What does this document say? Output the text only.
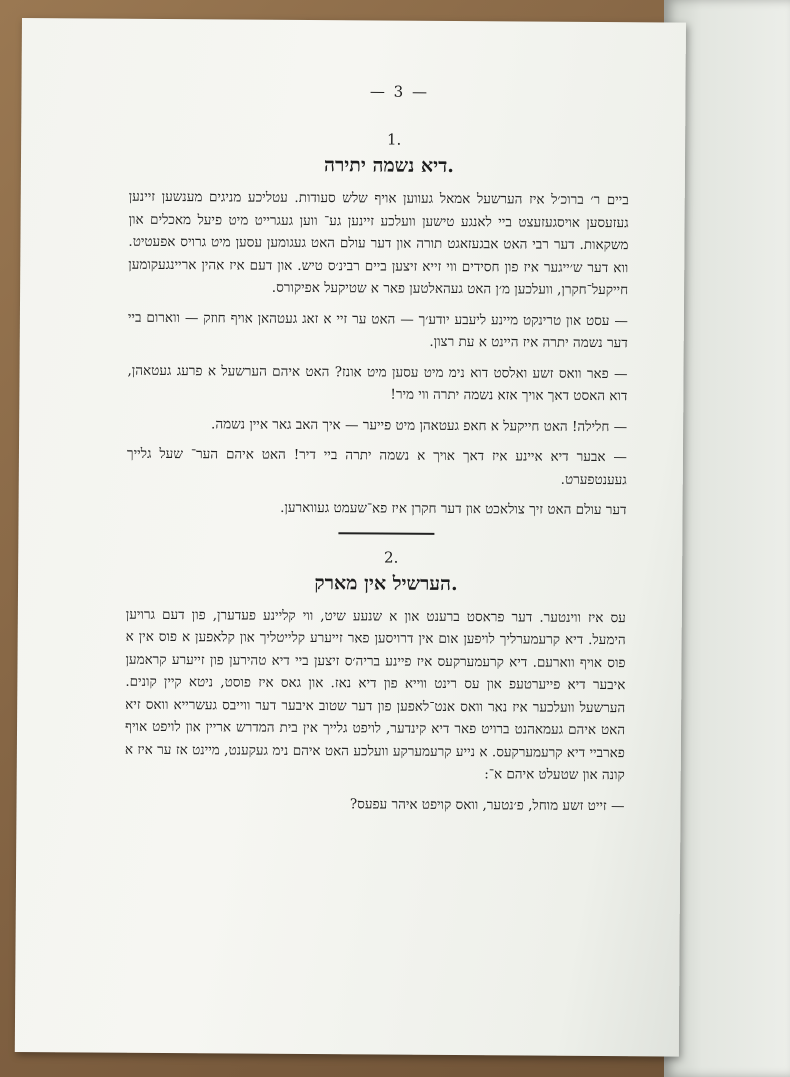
— 3 —
1.
דיא נשמה יתירה.

ביים ר׳ ברוכ׳ל איז הערשעל אמאל געווען אויף שלש סעודות. עטליכע מניגים מענשען זיינען געזעסען אויסגעזעצט ביי לאנגע טישען וועלכע זיינען גע־ ווען געגרייט מיט פיעל מאכלים און משקאות. דער רבי האט אבגעזאגט תורה און דער עולם האט געגומען עסען מיט גרויס אפעטיט. ווא דער ש׳ייגער איז פון חסידים ווי זייא זיצען ביים רבינ׳ס טיש. און דעם איז אהין אריינגעקומען חייקעל־חקרן, וועלכען מ׳ן האט געהאלטען פאר א שטיקעל אפיקורס.

— עסט און טרינקט מיינע ליעבע יודע׳ך — האט ער זיי א זאג געטהאן אויף חוזק — ווארום ביי דער נשמה יתרה איז היינט א עת רצון.

— פאר וואס זשע ואלסט דוא נימ מיט עסען מיט אונז? האט איהם הערשעל א פרעג געטאהן, דוא האסט דאך אויך אזא נשמה יתרה ווי מיר!

— חלילה! האט חייקעל א חאפ געטאהן מיט פייער — איך האב גאר איין נשמה.

— אבער דיא איינע איז דאך אויך א נשמה יתרה ביי דיר! האט איהם הער־ שעל גלייך געענטפערט.

דער עולם האט זיך צולאכט און דער חקרן איז פא־שעמט געווארען.

2.
הערשיל אין מארק.

עס איז ווינטער. דער פראסט ברענט און א שנעע שיט, ווי קליינע פעדערן, פון דעם גרויען הימעל. דיא קרעמערליך לויפען אום אין דרויסען פאר זייערע קלייטליך און קלאפען א פוס אין א פוס אויף ווארעם. דיא קרעמערקעס איז פיינע בריה׳ס זיצען ביי דיא טהירען פון זייערע קראמען איבער דיא פייערטעפ און עס רינט ווייא פון דיא נאז. און גאס איז פוסט, ניטא קיין קונים. הערשעל וועלכער איז נאר וואס אנט־לאפען פון דער שטוב איבער דער ווייבס געשרייא וואס זיא האט איהם געמאהנט ברויט פאר דיא קינדער, לויפט גלייך אין בית המדרש אריין און לויפט אויף פארביי דיא קרעמערקעס. א נייע קרעמערקע וועלכע האט איהם נימ געקענט, מיינט אז ער איז א קונה און שטעלט איהם א־:

— זייט זשע מוחל, פ׳נטער, וואס קויפט איהר עפעס?
